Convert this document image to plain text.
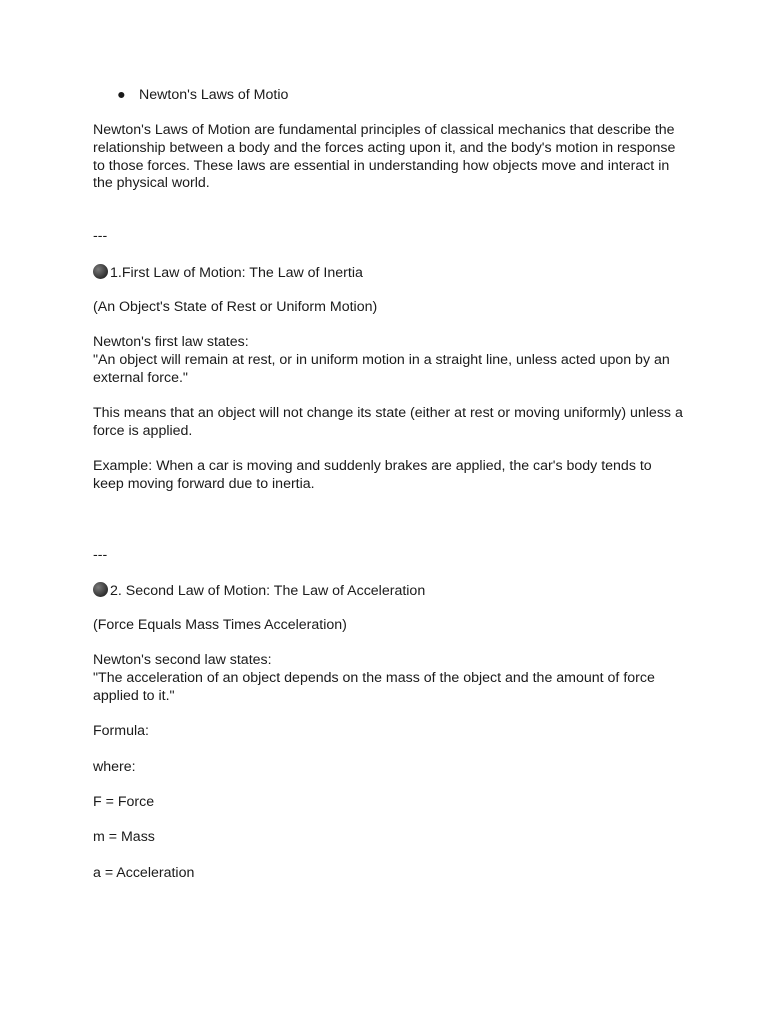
● Newton's Laws of Motio

Newton's Laws of Motion are fundamental principles of classical mechanics that describe the relationship between a body and the forces acting upon it, and the body's motion in response to those forces. These laws are essential in understanding how objects move and interact in the physical world.

---

1.First Law of Motion: The Law of Inertia

(An Object's State of Rest or Uniform Motion)

Newton's first law states:

"An object will remain at rest, or in uniform motion in a straight line, unless acted upon by an external force."

This means that an object will not change its state (either at rest or moving uniformly) unless a force is applied.

Example: When a car is moving and suddenly brakes are applied, the car's body tends to keep moving forward due to inertia.

---

2. Second Law of Motion: The Law of Acceleration

(Force Equals Mass Times Acceleration)

Newton's second law states:

"The acceleration of an object depends on the mass of the object and the amount of force applied to it."

Formula:

where:

F = Force

m = Mass

a = Acceleration
